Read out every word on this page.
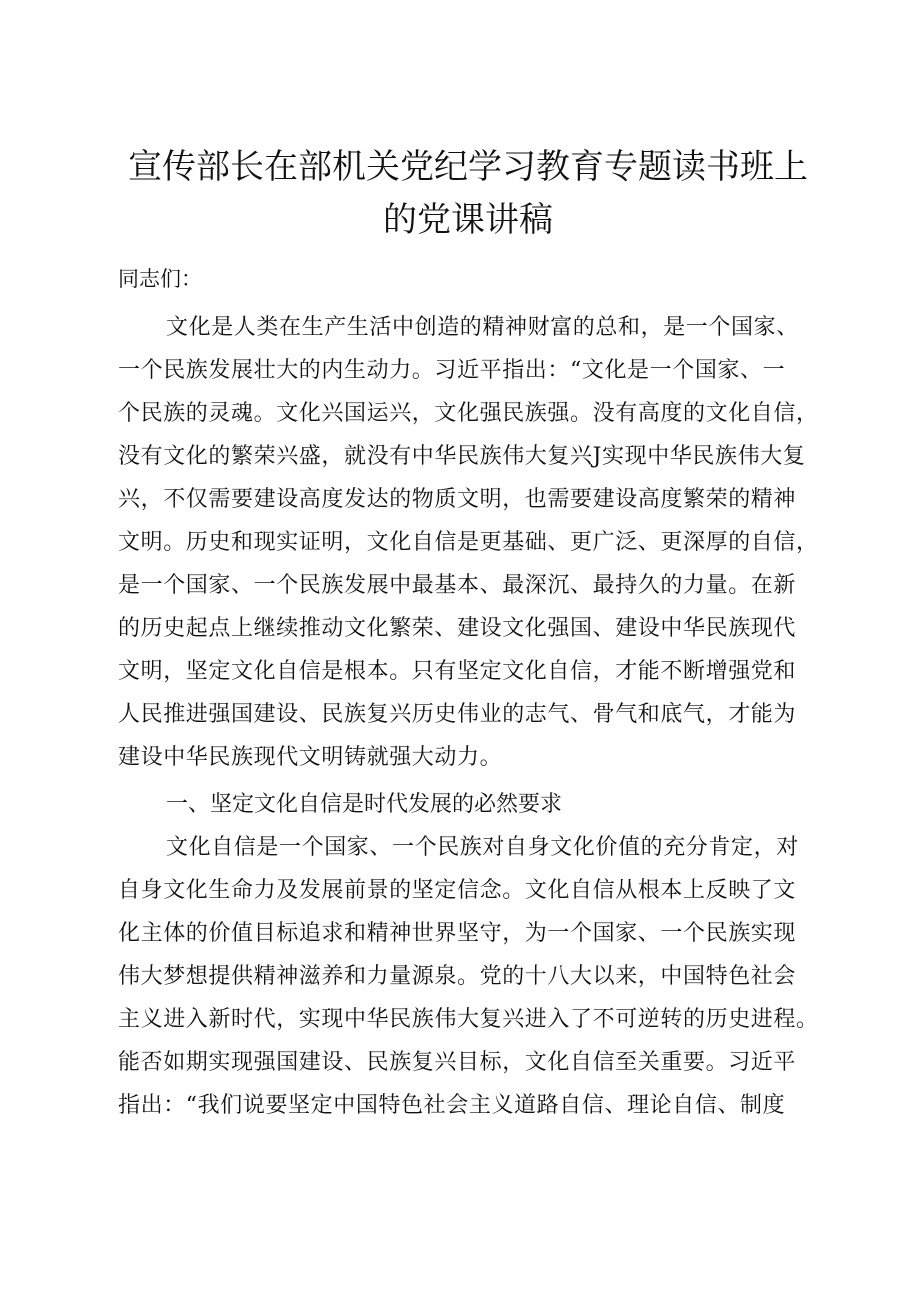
宣传部长在部机关党纪学习教育专题读书班上
的党课讲稿
同志们：
文化是人类在生产生活中创造的精神财富的总和，是一个国家、
一个民族发展壮大的内生动力。习近平指出：“文化是一个国家、一
个民族的灵魂。文化兴国运兴，文化强民族强。没有高度的文化自信，
没有文化的繁荣兴盛，就没有中华民族伟大复兴J实现中华民族伟大复
兴，不仅需要建设高度发达的物质文明，也需要建设高度繁荣的精神
文明。历史和现实证明，文化自信是更基础、更广泛、更深厚的自信，
是一个国家、一个民族发展中最基本、最深沉、最持久的力量。在新
的历史起点上继续推动文化繁荣、建设文化强国、建设中华民族现代
文明，坚定文化自信是根本。只有坚定文化自信，才能不断增强党和
人民推进强国建设、民族复兴历史伟业的志气、骨气和底气，才能为
建设中华民族现代文明铸就强大动力。
一、坚定文化自信是时代发展的必然要求
文化自信是一个国家、一个民族对自身文化价值的充分肯定，对
自身文化生命力及发展前景的坚定信念。文化自信从根本上反映了文
化主体的价值目标追求和精神世界坚守，为一个国家、一个民族实现
伟大梦想提供精神滋养和力量源泉。党的十八大以来，中国特色社会
主义进入新时代，实现中华民族伟大复兴进入了不可逆转的历史进程。
能否如期实现强国建设、民族复兴目标，文化自信至关重要。习近平
指出：“我们说要坚定中国特色社会主义道路自信、理论自信、制度
